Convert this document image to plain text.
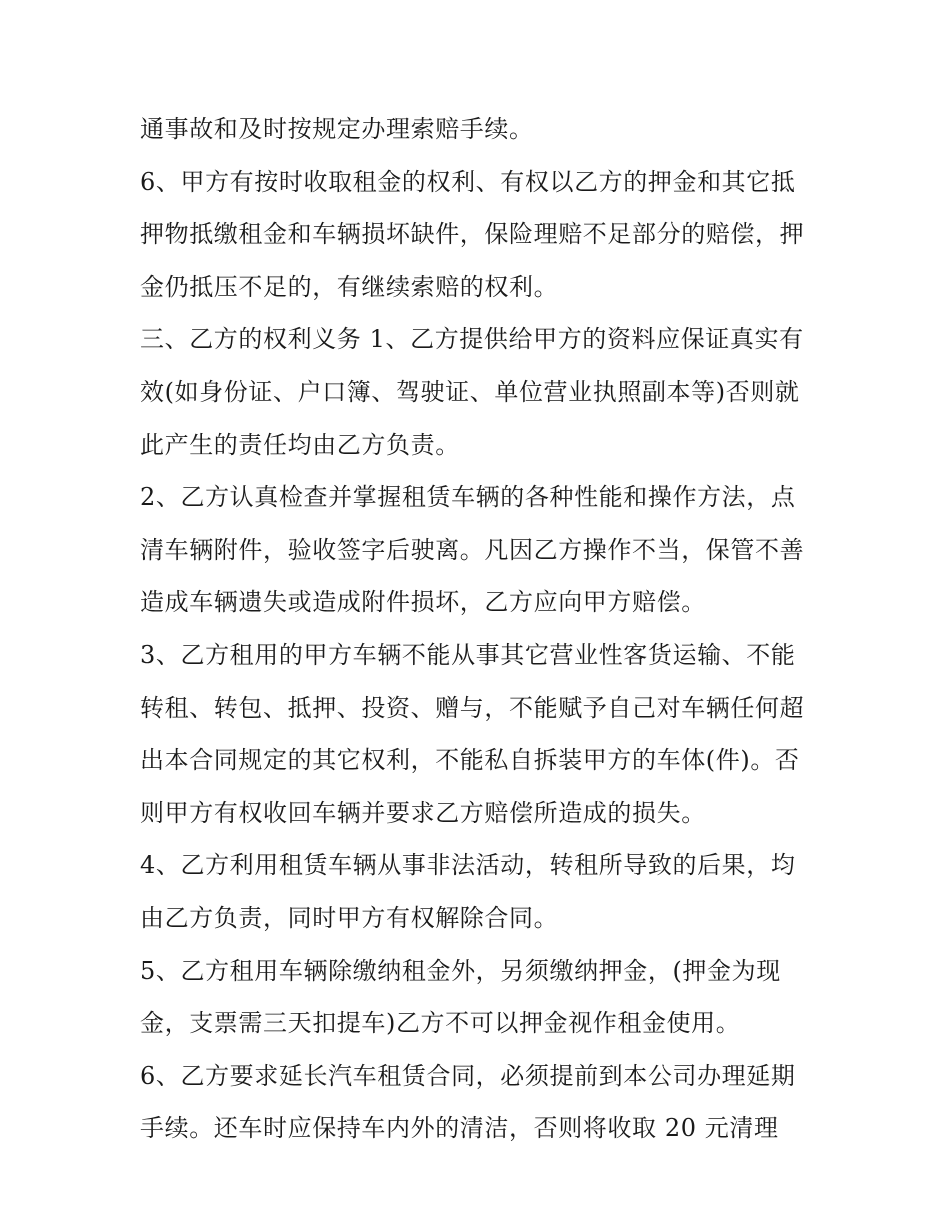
通事故和及时按规定办理索赔手续。
6、甲方有按时收取租金的权利、有权以乙方的押金和其它抵
押物抵缴租金和车辆损坏缺件，保险理赔不足部分的赔偿，押
金仍抵压不足的，有继续索赔的权利。
三、乙方的权利义务 1、乙方提供给甲方的资料应保证真实有
效(如身份证、户口簿、驾驶证、单位营业执照副本等)否则就
此产生的责任均由乙方负责。
2、乙方认真检查并掌握租赁车辆的各种性能和操作方法，点
清车辆附件，验收签字后驶离。凡因乙方操作不当，保管不善
造成车辆遗失或造成附件损坏，乙方应向甲方赔偿。
3、乙方租用的甲方车辆不能从事其它营业性客货运输、不能
转租、转包、抵押、投资、赠与，不能赋予自己对车辆任何超
出本合同规定的其它权利，不能私自拆装甲方的车体(件)。否
则甲方有权收回车辆并要求乙方赔偿所造成的损失。
4、乙方利用租赁车辆从事非法活动，转租所导致的后果，均
由乙方负责，同时甲方有权解除合同。
5、乙方租用车辆除缴纳租金外，另须缴纳押金，(押金为现
金，支票需三天扣提车)乙方不可以押金视作租金使用。
6、乙方要求延长汽车租赁合同，必须提前到本公司办理延期
手续。还车时应保持车内外的清洁，否则将收取 20 元清理
